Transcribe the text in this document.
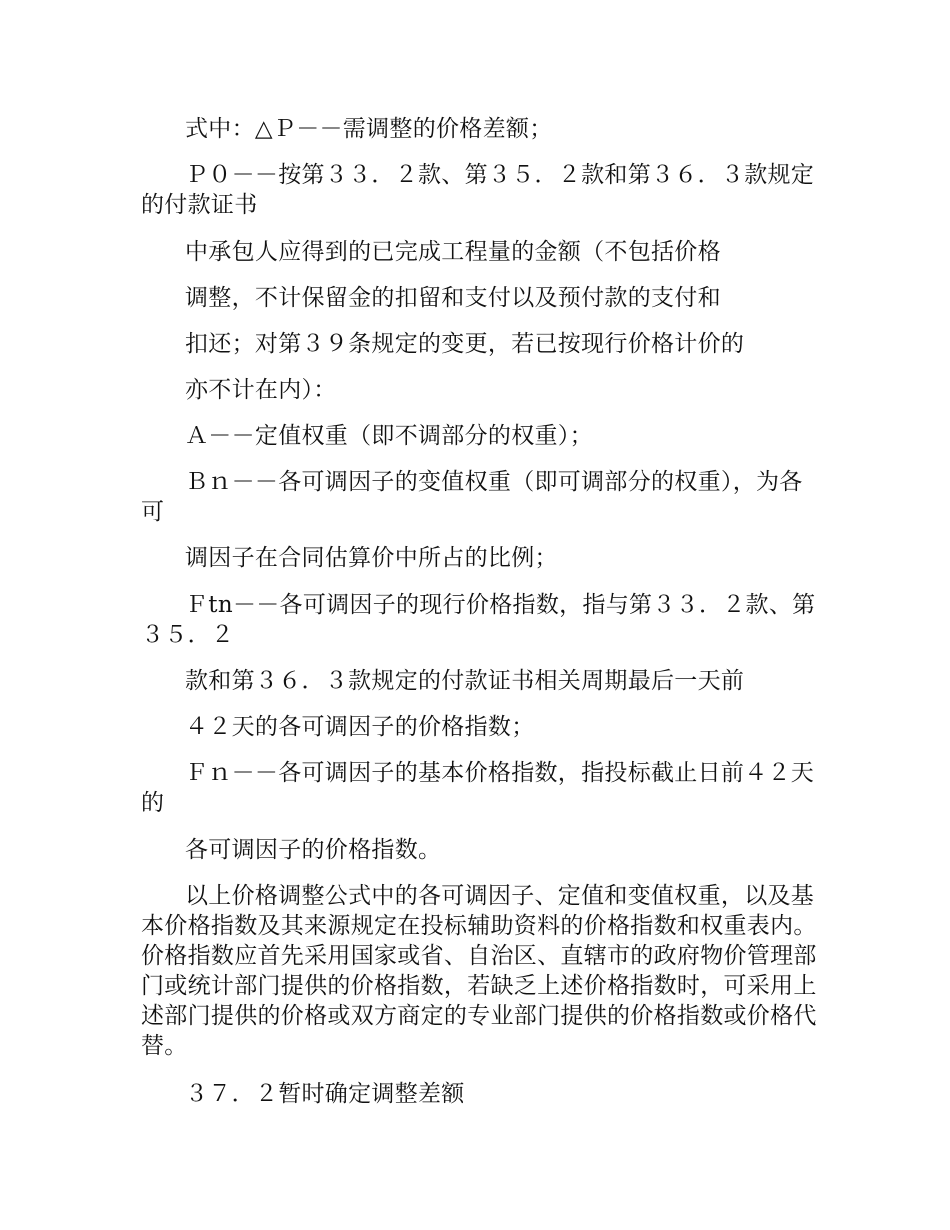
式中：△Ｐ－－需调整的价格差额；

Ｐ０－－按第３３．２款、第３５．２款和第３６．３款规定的付款证书

中承包人应得到的已完成工程量的金额（不包括价格

调整，不计保留金的扣留和支付以及预付款的支付和

扣还；对第３９条规定的变更，若已按现行价格计价的

亦不计在内）：

Ａ－－定值权重（即不调部分的权重）；

Ｂｎ－－各可调因子的变值权重（即可调部分的权重），为各可

调因子在合同估算价中所占的比例；

Ｆtn－－各可调因子的现行价格指数，指与第３３．２款、第３５．２

款和第３６．３款规定的付款证书相关周期最后一天前

４２天的各可调因子的价格指数；

Ｆｎ－－各可调因子的基本价格指数，指投标截止日前４２天的

各可调因子的价格指数。

以上价格调整公式中的各可调因子、定值和变值权重，以及基本价格指数及其来源规定在投标辅助资料的价格指数和权重表内。价格指数应首先采用国家或省、自治区、直辖市的政府物价管理部门或统计部门提供的价格指数，若缺乏上述价格指数时，可采用上述部门提供的价格或双方商定的专业部门提供的价格指数或价格代替。

３７．２暂时确定调整差额
